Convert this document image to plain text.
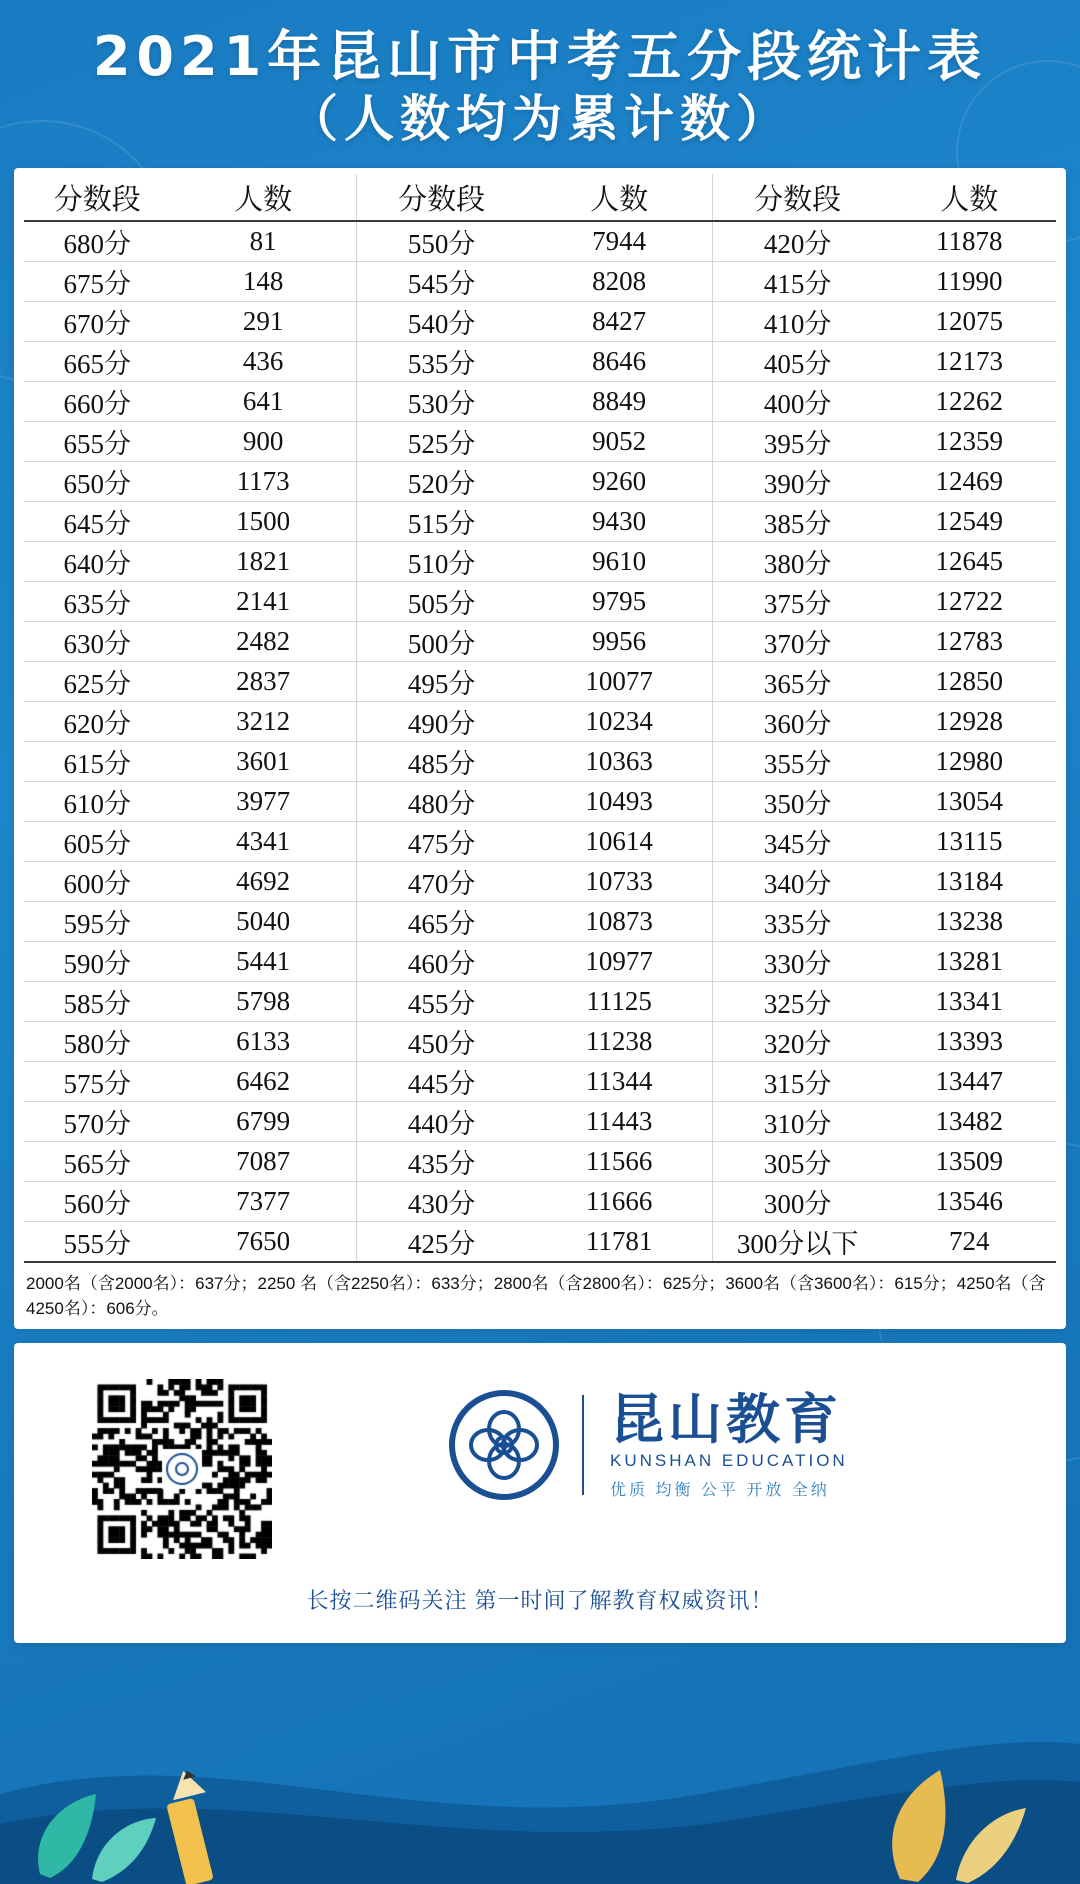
2021年昆山市中考五分段统计表
（人数均为累计数）
分数段	人数	分数段	人数	分数段	人数
680分	81	550分	7944	420分	11878
675分	148	545分	8208	415分	11990
670分	291	540分	8427	410分	12075
665分	436	535分	8646	405分	12173
660分	641	530分	8849	400分	12262
655分	900	525分	9052	395分	12359
650分	1173	520分	9260	390分	12469
645分	1500	515分	9430	385分	12549
640分	1821	510分	9610	380分	12645
635分	2141	505分	9795	375分	12722
630分	2482	500分	9956	370分	12783
625分	2837	495分	10077	365分	12850
620分	3212	490分	10234	360分	12928
615分	3601	485分	10363	355分	12980
610分	3977	480分	10493	350分	13054
605分	4341	475分	10614	345分	13115
600分	4692	470分	10733	340分	13184
595分	5040	465分	10873	335分	13238
590分	5441	460分	10977	330分	13281
585分	5798	455分	11125	325分	13341
580分	6133	450分	11238	320分	13393
575分	6462	445分	11344	315分	13447
570分	6799	440分	11443	310分	13482
565分	7087	435分	11566	305分	13509
560分	7377	430分	11666	300分	13546
555分	7650	425分	11781	300分以下	724
2000名（含2000名）：637分；2250 名（含2250名）：633分；2800名（含2800名）：625分；3600名（含3600名）：615分；4250名（含4250名）：606分。
昆山教育
KUNSHAN EDUCATION
优质 均衡 公平 开放 全纳
长按二维码关注 第一时间了解教育权威资讯！
